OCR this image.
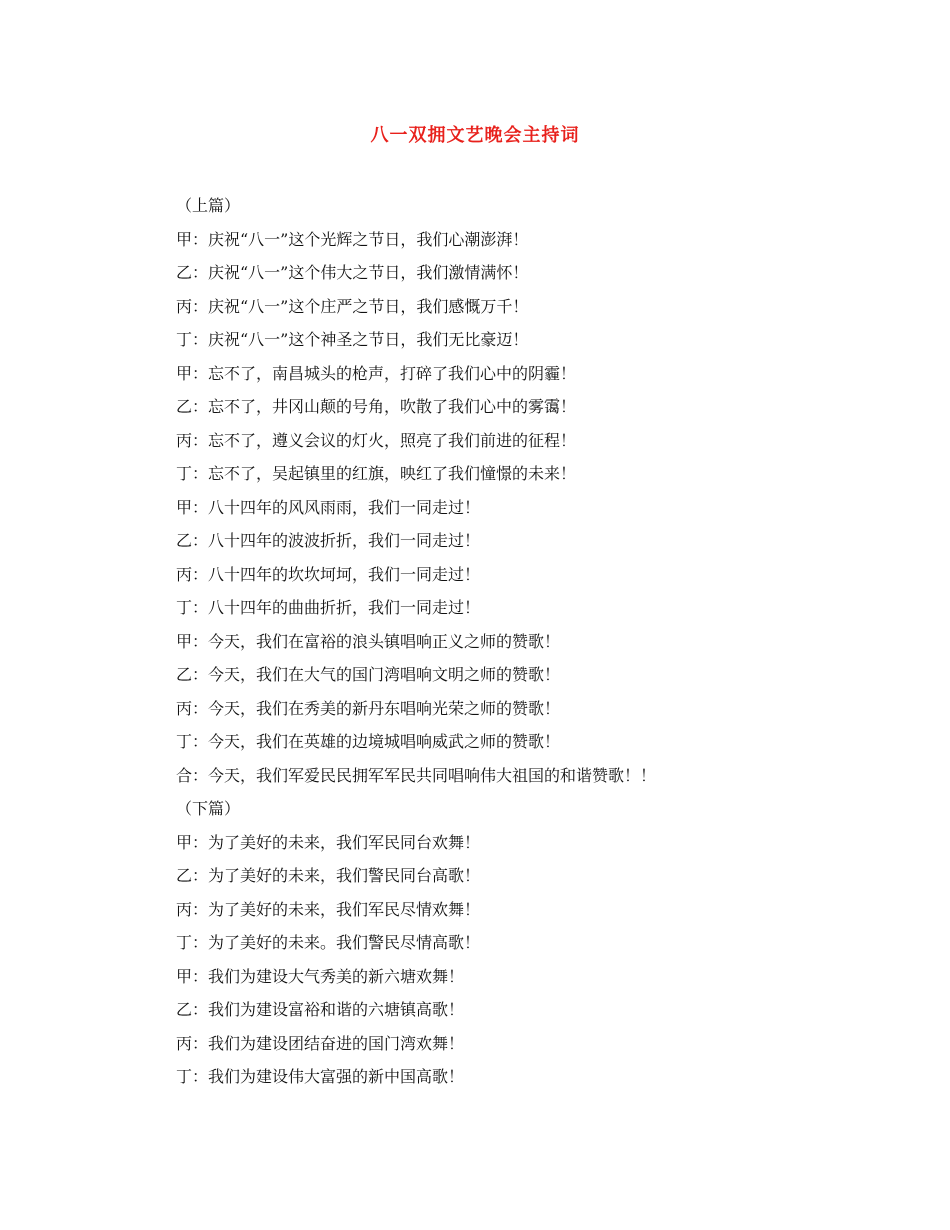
八一双拥文艺晚会主持词
（上篇）
甲：庆祝“八一”这个光辉之节日，我们心潮澎湃！
乙：庆祝“八一”这个伟大之节日，我们激情满怀！
丙：庆祝“八一”这个庄严之节日，我们感慨万千！
丁：庆祝“八一”这个神圣之节日，我们无比豪迈！
甲：忘不了，南昌城头的枪声，打碎了我们心中的阴霾！
乙：忘不了，井冈山颠的号角，吹散了我们心中的雾霭！
丙：忘不了，遵义会议的灯火，照亮了我们前进的征程！
丁：忘不了，吴起镇里的红旗，映红了我们憧憬的未来！
甲：八十四年的风风雨雨，我们一同走过！
乙：八十四年的波波折折，我们一同走过！
丙：八十四年的坎坎坷坷，我们一同走过！
丁：八十四年的曲曲折折，我们一同走过！
甲：今天，我们在富裕的浪头镇唱响正义之师的赞歌！
乙：今天，我们在大气的国门湾唱响文明之师的赞歌！
丙：今天，我们在秀美的新丹东唱响光荣之师的赞歌！
丁：今天，我们在英雄的边境城唱响威武之师的赞歌！
合：今天，我们军爱民民拥军军民共同唱响伟大祖国的和谐赞歌！！
（下篇）
甲：为了美好的未来，我们军民同台欢舞！
乙：为了美好的未来，我们警民同台高歌！
丙：为了美好的未来，我们军民尽情欢舞！
丁：为了美好的未来。我们警民尽情高歌！
甲：我们为建设大气秀美的新六塘欢舞！
乙：我们为建设富裕和谐的六塘镇高歌！
丙：我们为建设团结奋进的国门湾欢舞！
丁：我们为建设伟大富强的新中国高歌！
